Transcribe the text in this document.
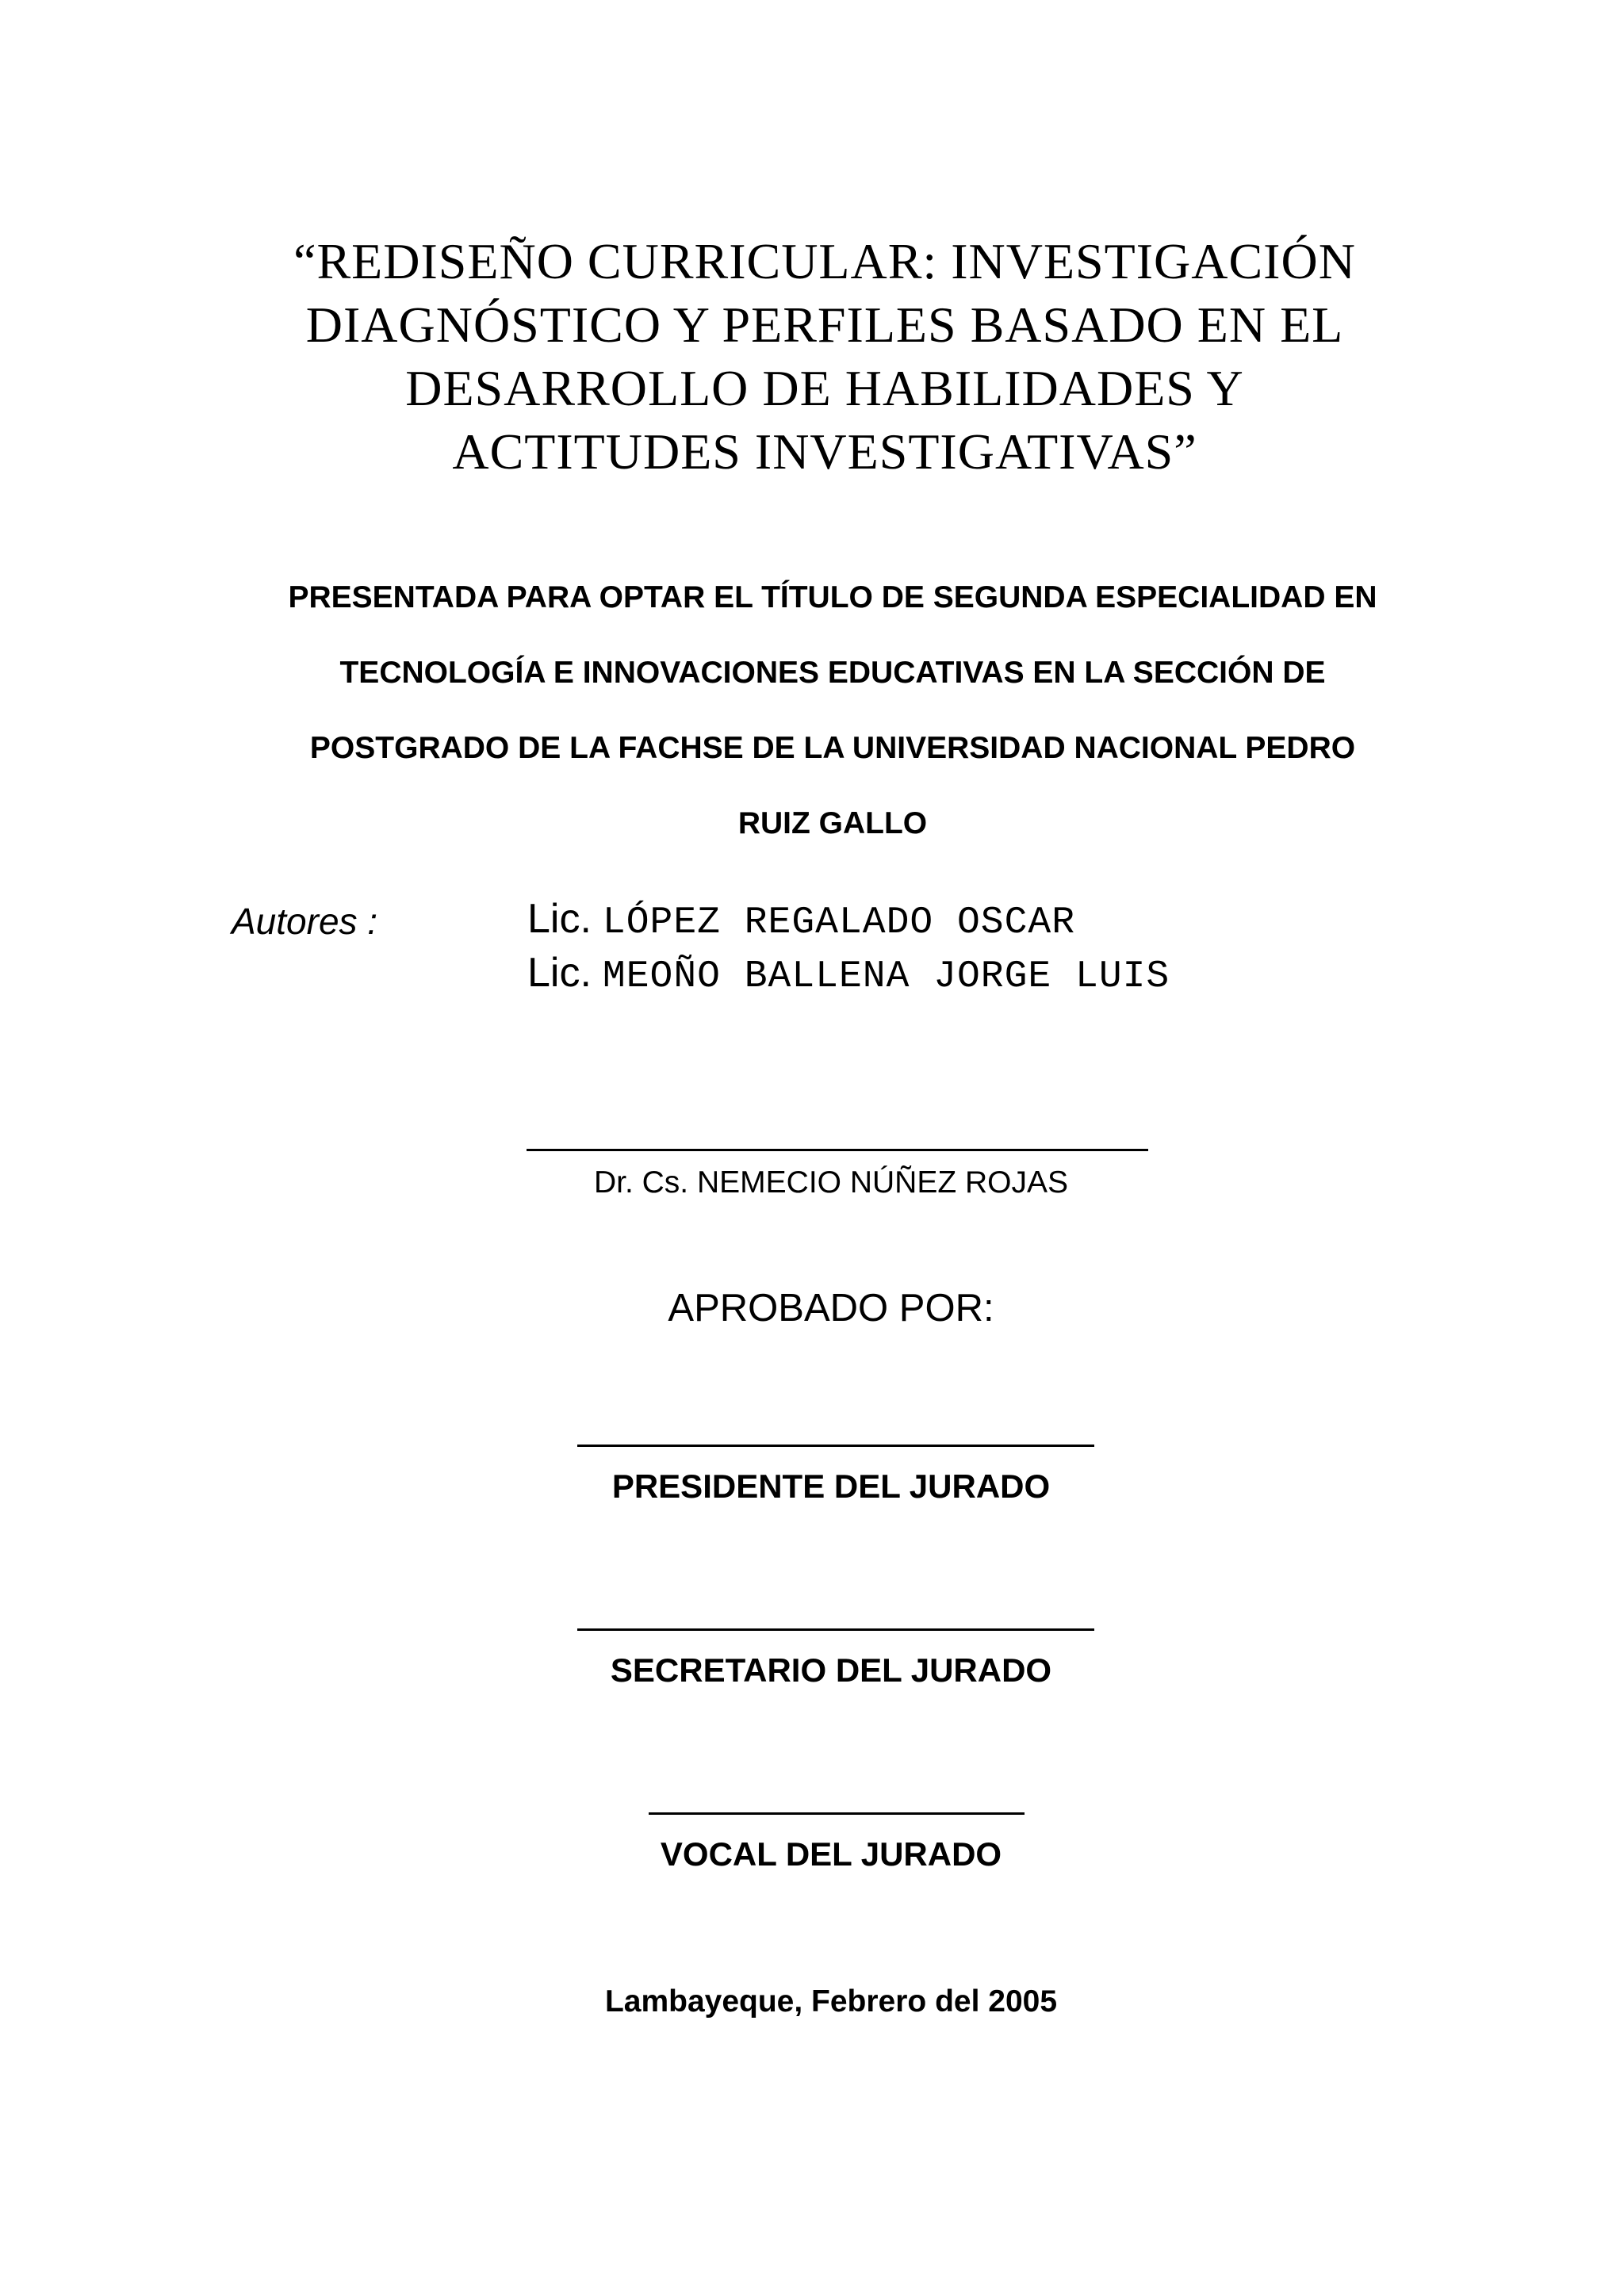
“REDISEÑO CURRICULAR: INVESTIGACIÓN
DIAGNÓSTICO Y PERFILES BASADO EN EL
DESARROLLO DE HABILIDADES Y
ACTITUDES INVESTIGATIVAS”
PRESENTADA PARA OPTAR EL TÍTULO DE SEGUNDA ESPECIALIDAD EN
TECNOLOGÍA E INNOVACIONES EDUCATIVAS EN LA SECCIÓN DE
POSTGRADO DE LA FACHSE DE LA UNIVERSIDAD NACIONAL PEDRO
RUIZ GALLO
Autores :	Lic. LÓPEZ REGALADO OSCAR
Lic. MEOÑO BALLENA JORGE LUIS
Dr. Cs. NEMECIO NÚÑEZ ROJAS
APROBADO POR:
PRESIDENTE DEL JURADO
SECRETARIO DEL JURADO
VOCAL DEL JURADO
Lambayeque, Febrero del 2005
